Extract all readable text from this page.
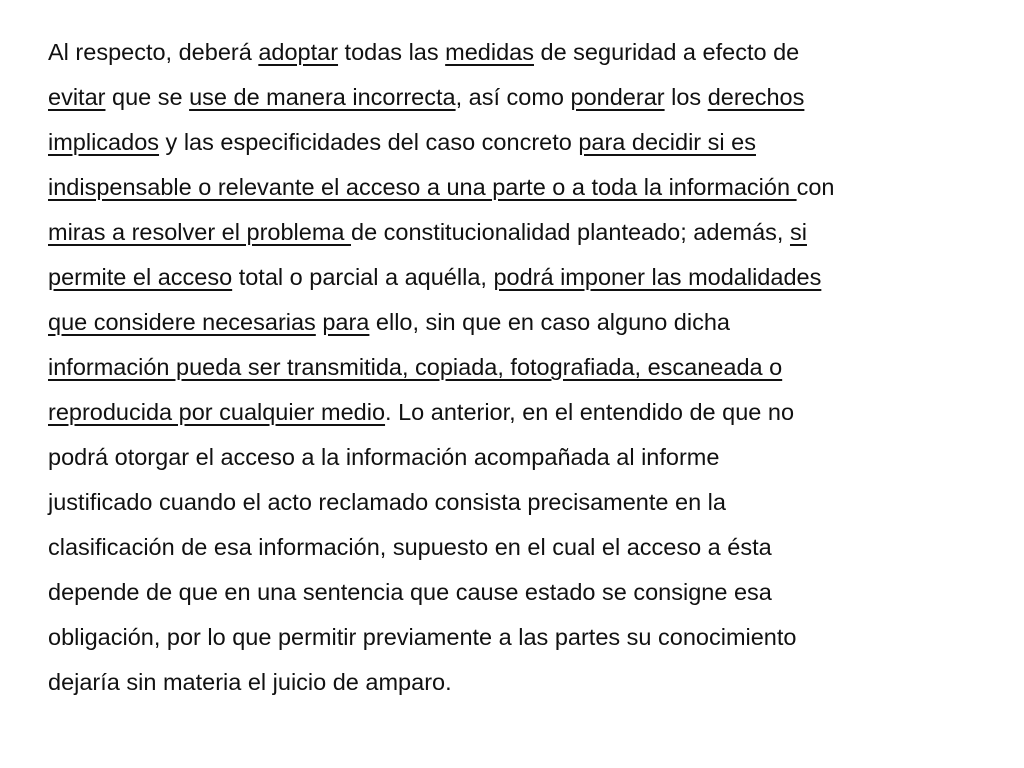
Al respecto, deberá adoptar todas las medidas de seguridad a efecto de
evitar que se use de manera incorrecta, así como ponderar los derechos
implicados y las especificidades del caso concreto para decidir si es
indispensable o relevante el acceso a una parte o a toda la información con
miras a resolver el problema de constitucionalidad planteado; además, si
permite el acceso total o parcial a aquélla, podrá imponer las modalidades
que considere necesarias para ello, sin que en caso alguno dicha
información pueda ser transmitida, copiada, fotografiada, escaneada o
reproducida por cualquier medio. Lo anterior, en el entendido de que no
podrá otorgar el acceso a la información acompañada al informe
justificado cuando el acto reclamado consista precisamente en la
clasificación de esa información, supuesto en el cual el acceso a ésta
depende de que en una sentencia que cause estado se consigne esa
obligación, por lo que permitir previamente a las partes su conocimiento
dejaría sin materia el juicio de amparo.
